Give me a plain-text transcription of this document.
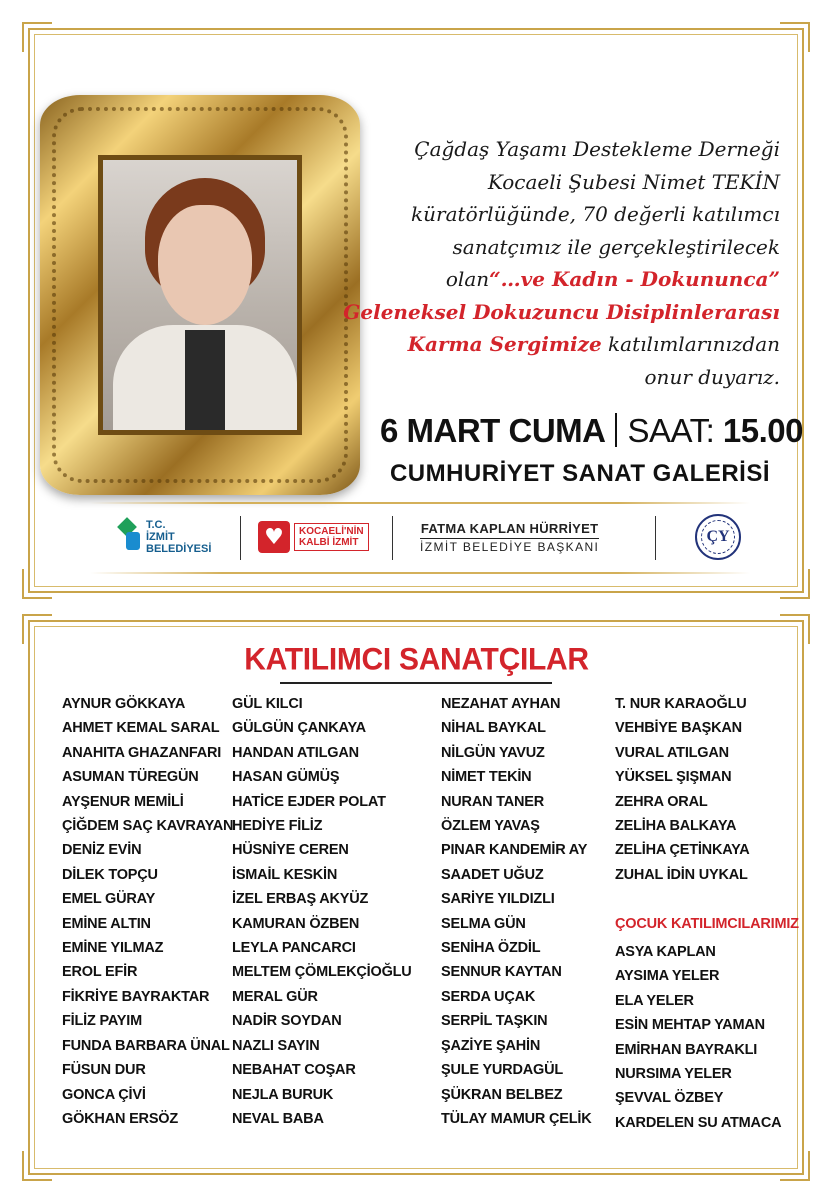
Çağdaş Yaşamı Destekleme Derneği
Kocaeli Şubesi Nimet TEKİN
küratörlüğünde, 70 değerli katılımcı
sanatçımız ile gerçekleştirilecek
olan“…ve Kadın - Dokununca”
Geleneksel Dokuzuncu Disiplinlerarası
Karma Sergimize katılımlarınızdan
onur duyarız.
6 MART CUMA SAAT: 15.00
CUMHURİYET SANAT GALERİSİ
T.C.
İZMİT
BELEDİYESİ ♥	KOCAELİ'NİN
KALBİ İZMİT
FATMA KAPLAN HÜRRİYET
İZMİT BELEDİYE BAŞKANI
ÇY
KATILIMCI SANATÇILAR
AYNUR GÖKKAYA
AHMET KEMAL SARAL
ANAHITA GHAZANFARI
ASUMAN TÜREGÜN
AYŞENUR MEMİLİ
ÇİĞDEM SAÇ KAVRAYAN
DENİZ EVİN
DİLEK TOPÇU
EMEL GÜRAY
EMİNE ALTIN
EMİNE YILMAZ
EROL EFİR
FİKRİYE BAYRAKTAR
FİLİZ PAYIM
FUNDA BARBARA ÜNAL
FÜSUN DUR
GONCA ÇİVİ
GÖKHAN ERSÖZ
GÜL KILCI
GÜLGÜN ÇANKAYA
HANDAN ATILGAN
HASAN GÜMÜŞ
HATİCE EJDER POLAT
HEDİYE FİLİZ
HÜSNİYE CEREN
İSMAİL KESKİN
İZEL ERBAŞ AKYÜZ
KAMURAN ÖZBEN
LEYLA PANCARCI
MELTEM ÇÖMLEKÇİOĞLU
MERAL GÜR
NADİR SOYDAN
NAZLI SAYIN
NEBAHAT COŞAR
NEJLA BURUK
NEVAL BABA
NEZAHAT AYHAN
NİHAL BAYKAL
NİLGÜN YAVUZ
NİMET TEKİN
NURAN TANER
ÖZLEM YAVAŞ
PINAR KANDEMİR AY
SAADET UĞUZ
SARİYE YILDIZLI
SELMA GÜN
SENİHA ÖZDİL
SENNUR KAYTAN
SERDA UÇAK
SERPİL TAŞKIN
ŞAZİYE ŞAHİN
ŞULE YURDAGÜL
ŞÜKRAN BELBEZ
TÜLAY MAMUR ÇELİK
T. NUR KARAOĞLU
VEHBİYE BAŞKAN
VURAL ATILGAN
YÜKSEL ŞIŞMAN
ZEHRA ORAL
ZELİHA BALKAYA
ZELİHA ÇETİNKAYA
ZUHAL İDİN UYKAL
ÇOCUK KATILIMCILARIMIZ
ASYA KAPLAN
AYSIMA YELER
ELA YELER
ESİN MEHTAP YAMAN
EMİRHAN BAYRAKLI
NURSIMA YELER
ŞEVVAL ÖZBEY
KARDELEN SU ATMACA
